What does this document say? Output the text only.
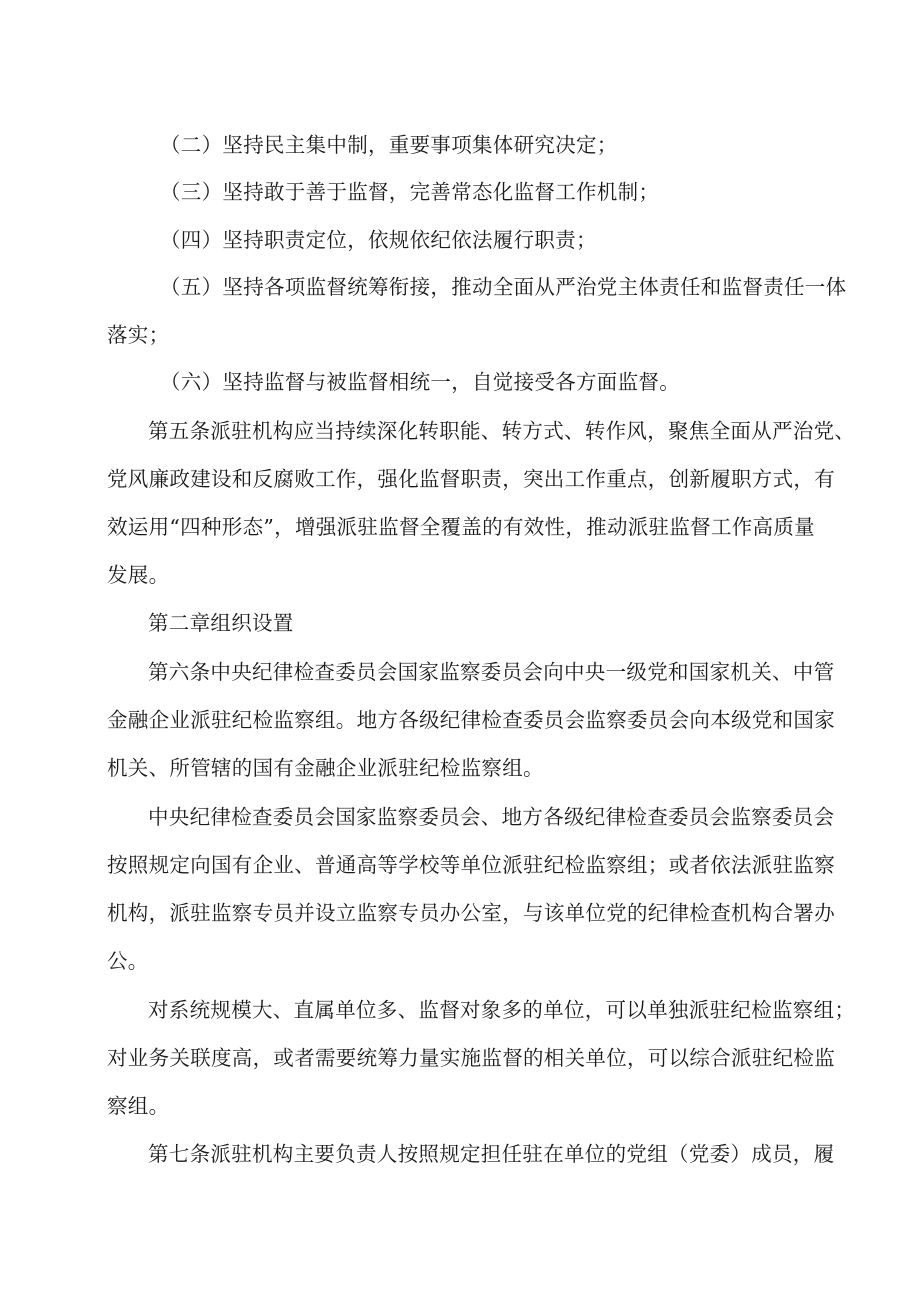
（二）坚持民主集中制，重要事项集体研究决定；
（三）坚持敢于善于监督，完善常态化监督工作机制；
（四）坚持职责定位，依规依纪依法履行职责；
（五）坚持各项监督统筹衔接，推动全面从严治党主体责任和监督责任一体
落实；
（六）坚持监督与被监督相统一，自觉接受各方面监督。
第五条派驻机构应当持续深化转职能、转方式、转作风，聚焦全面从严治党、
党风廉政建设和反腐败工作，强化监督职责，突出工作重点，创新履职方式，有
效运用“四种形态”，增强派驻监督全覆盖的有效性，推动派驻监督工作高质量
发展。
第二章组织设置
第六条中央纪律检查委员会国家监察委员会向中央一级党和国家机关、中管
金融企业派驻纪检监察组。地方各级纪律检查委员会监察委员会向本级党和国家
机关、所管辖的国有金融企业派驻纪检监察组。
中央纪律检查委员会国家监察委员会、地方各级纪律检查委员会监察委员会
按照规定向国有企业、普通高等学校等单位派驻纪检监察组；或者依法派驻监察
机构，派驻监察专员并设立监察专员办公室，与该单位党的纪律检查机构合署办
公。
对系统规模大、直属单位多、监督对象多的单位，可以单独派驻纪检监察组；
对业务关联度高，或者需要统筹力量实施监督的相关单位，可以综合派驻纪检监
察组。
第七条派驻机构主要负责人按照规定担任驻在单位的党组（党委）成员，履
